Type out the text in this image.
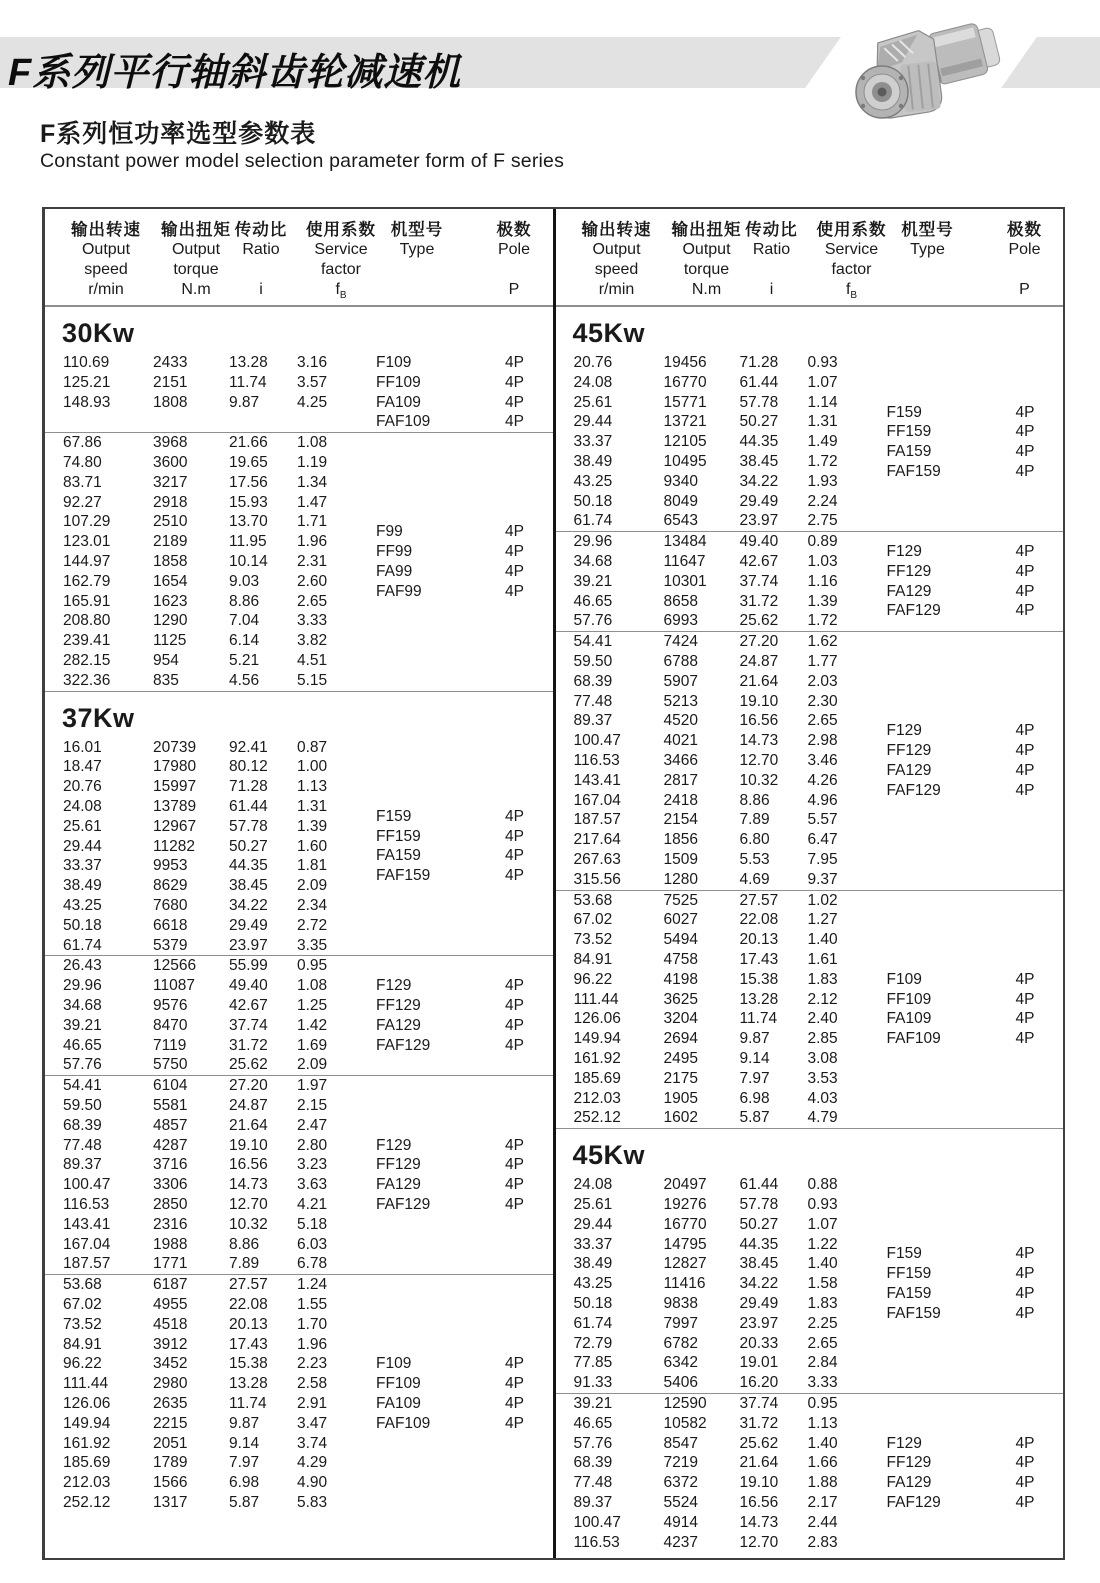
F系列平行轴斜齿轮减速机
F系列恒功率选型参数表
Constant power model selection parameter form of F series
输出转速
Output
speed
r/min
输出扭矩
Output
torque
N.m
传动比
Ratio

i
使用系数
Service
factor
$f_B$
机型号
Type

极数
Pole

P
30Kw
110.69	2433	13.28 3.16
125.21	2151	11.74 3.57
148.93	1808	9.87 4.25
F109	4P
FF109	4P
FA109	4P
FAF109	4P
67.86	3968	21.66 1.08
74.80	3600	19.65 1.19
83.71	3217	17.56 1.34
92.27	2918	15.93 1.47
107.29	2510	13.70 1.71
123.01	2189	11.95 1.96
144.97	1858	10.14 2.31
162.79	1654	9.03 2.60
165.91	1623	8.86 2.65
208.80	1290	7.04 3.33
239.41	1125	6.14 3.82
282.15	954	5.21 4.51
322.36	835	4.56 5.15
F99	4P
FF99	4P
FA99	4P
FAF99	4P
37Kw
16.01	20739 92.41 0.87
18.47	17980 80.12 1.00
20.76	15997 71.28 1.13
24.08	13789 61.44 1.31
25.61	12967 57.78 1.39
29.44	11282 50.27 1.60
33.37	9953	44.35 1.81
38.49	8629	38.45 2.09
43.25	7680	34.22 2.34
50.18	6618	29.49 2.72
61.74	5379	23.97 3.35
F159	4P
FF159	4P
FA159	4P
FAF159	4P
26.43	12566 55.99 0.95
29.96	11087 49.40 1.08
34.68	9576	42.67 1.25
39.21	8470	37.74 1.42
46.65	7119	31.72 1.69
57.76	5750	25.62 2.09
F129	4P
FF129	4P
FA129	4P
FAF129	4P
54.41	6104	27.20 1.97
59.50	5581	24.87 2.15
68.39	4857	21.64 2.47
77.48	4287	19.10 2.80
89.37	3716	16.56 3.23
100.47	3306	14.73 3.63
116.53	2850	12.70 4.21
143.41	2316	10.32 5.18
167.04	1988	8.86 6.03
187.57	1771	7.89 6.78
F129	4P
FF129	4P
FA129	4P
FAF129	4P
53.68	6187	27.57 1.24
67.02	4955	22.08 1.55
73.52	4518	20.13 1.70
84.91	3912	17.43 1.96
96.22	3452	15.38 2.23
111.44	2980	13.28 2.58
126.06	2635	11.74 2.91
149.94	2215	9.87 3.47
161.92	2051	9.14 3.74
185.69	1789	7.97 4.29
212.03	1566	6.98 4.90
252.12	1317	5.87 5.83
F109	4P
FF109	4P
FA109	4P
FAF109	4P
输出转速
Output
speed
r/min
输出扭矩
Output
torque
N.m
传动比
Ratio

i
使用系数
Service
factor
$f_B$
机型号
Type

极数
Pole

P
45Kw
20.76	19456 71.28 0.93
24.08	16770 61.44 1.07
25.61	15771 57.78 1.14
29.44	13721 50.27 1.31
33.37	12105 44.35 1.49
38.49	10495 38.45 1.72
43.25	9340	34.22 1.93
50.18	8049	29.49 2.24
61.74	6543	23.97 2.75
F159	4P
FF159	4P
FA159	4P
FAF159	4P
29.96	13484 49.40 0.89
34.68	11647 42.67 1.03
39.21	10301 37.74 1.16
46.65	8658	31.72 1.39
57.76	6993	25.62 1.72
F129	4P
FF129	4P
FA129	4P
FAF129	4P
54.41	7424	27.20 1.62
59.50	6788	24.87 1.77
68.39	5907	21.64 2.03
77.48	5213	19.10 2.30
89.37	4520	16.56 2.65
100.47	4021	14.73 2.98
116.53	3466	12.70 3.46
143.41	2817	10.32 4.26
167.04	2418	8.86 4.96
187.57	2154	7.89 5.57
217.64	1856	6.80 6.47
267.63	1509	5.53 7.95
315.56	1280	4.69 9.37
F129	4P
FF129	4P
FA129	4P
FAF129	4P
53.68	7525	27.57 1.02
67.02	6027	22.08 1.27
73.52	5494	20.13 1.40
84.91	4758	17.43 1.61
96.22	4198	15.38 1.83
111.44	3625	13.28 2.12
126.06	3204	11.74 2.40
149.94	2694	9.87 2.85
161.92	2495	9.14 3.08
185.69	2175	7.97 3.53
212.03	1905	6.98 4.03
252.12	1602	5.87 4.79
F109	4P
FF109	4P
FA109	4P
FAF109	4P
45Kw
24.08	20497 61.44 0.88
25.61	19276 57.78 0.93
29.44	16770 50.27 1.07
33.37	14795 44.35 1.22
38.49	12827 38.45 1.40
43.25	11416 34.22 1.58
50.18	9838	29.49 1.83
61.74	7997	23.97 2.25
72.79	6782	20.33 2.65
77.85	6342	19.01 2.84
91.33	5406	16.20 3.33
F159	4P
FF159	4P
FA159	4P
FAF159	4P
39.21	12590 37.74 0.95
46.65	10582 31.72 1.13
57.76	8547	25.62 1.40
68.39	7219	21.64 1.66
77.48	6372	19.10 1.88
89.37	5524	16.56 2.17
100.47	4914	14.73 2.44
116.53	4237	12.70 2.83
F129	4P
FF129	4P
FA129	4P
FAF129	4P
